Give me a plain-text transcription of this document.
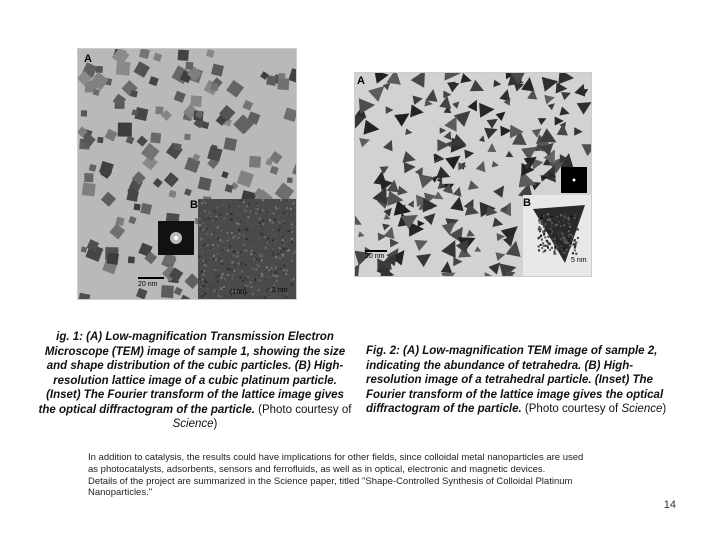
A
B
20 nm
2 nm
(100)
A
B
20 nm
5 nm
ig. 1: (A) Low-magnification Transmission Electron Microscope (TEM) image of sample 1, showing the size and shape distribution of the cubic particles. (B) High-resolution lattice image of a cubic platinum particle. (Inset) The Fourier transform of the lattice image gives the optical diffractogram of the particle. (Photo courtesy of Science)
Fig. 2: (A) Low-magnification TEM image of sample 2, indicating the abundance of tetrahedra. (B) High-resolution image of a tetrahedral particle. (Inset) The Fourier transform of the lattice image gives the optical diffractogram of the particle. (Photo courtesy of Science)

In addition to catalysis, the results could have implications for other fields, since colloidal metal nanoparticles are used

as photocatalysts, adsorbents, sensors and ferrofluids, as well as in optical, electronic and magnetic devices.

Details of the project are summarized in the Science paper, titled "Shape-Controlled Synthesis of Colloidal Platinum

Nanoparticles."

14
